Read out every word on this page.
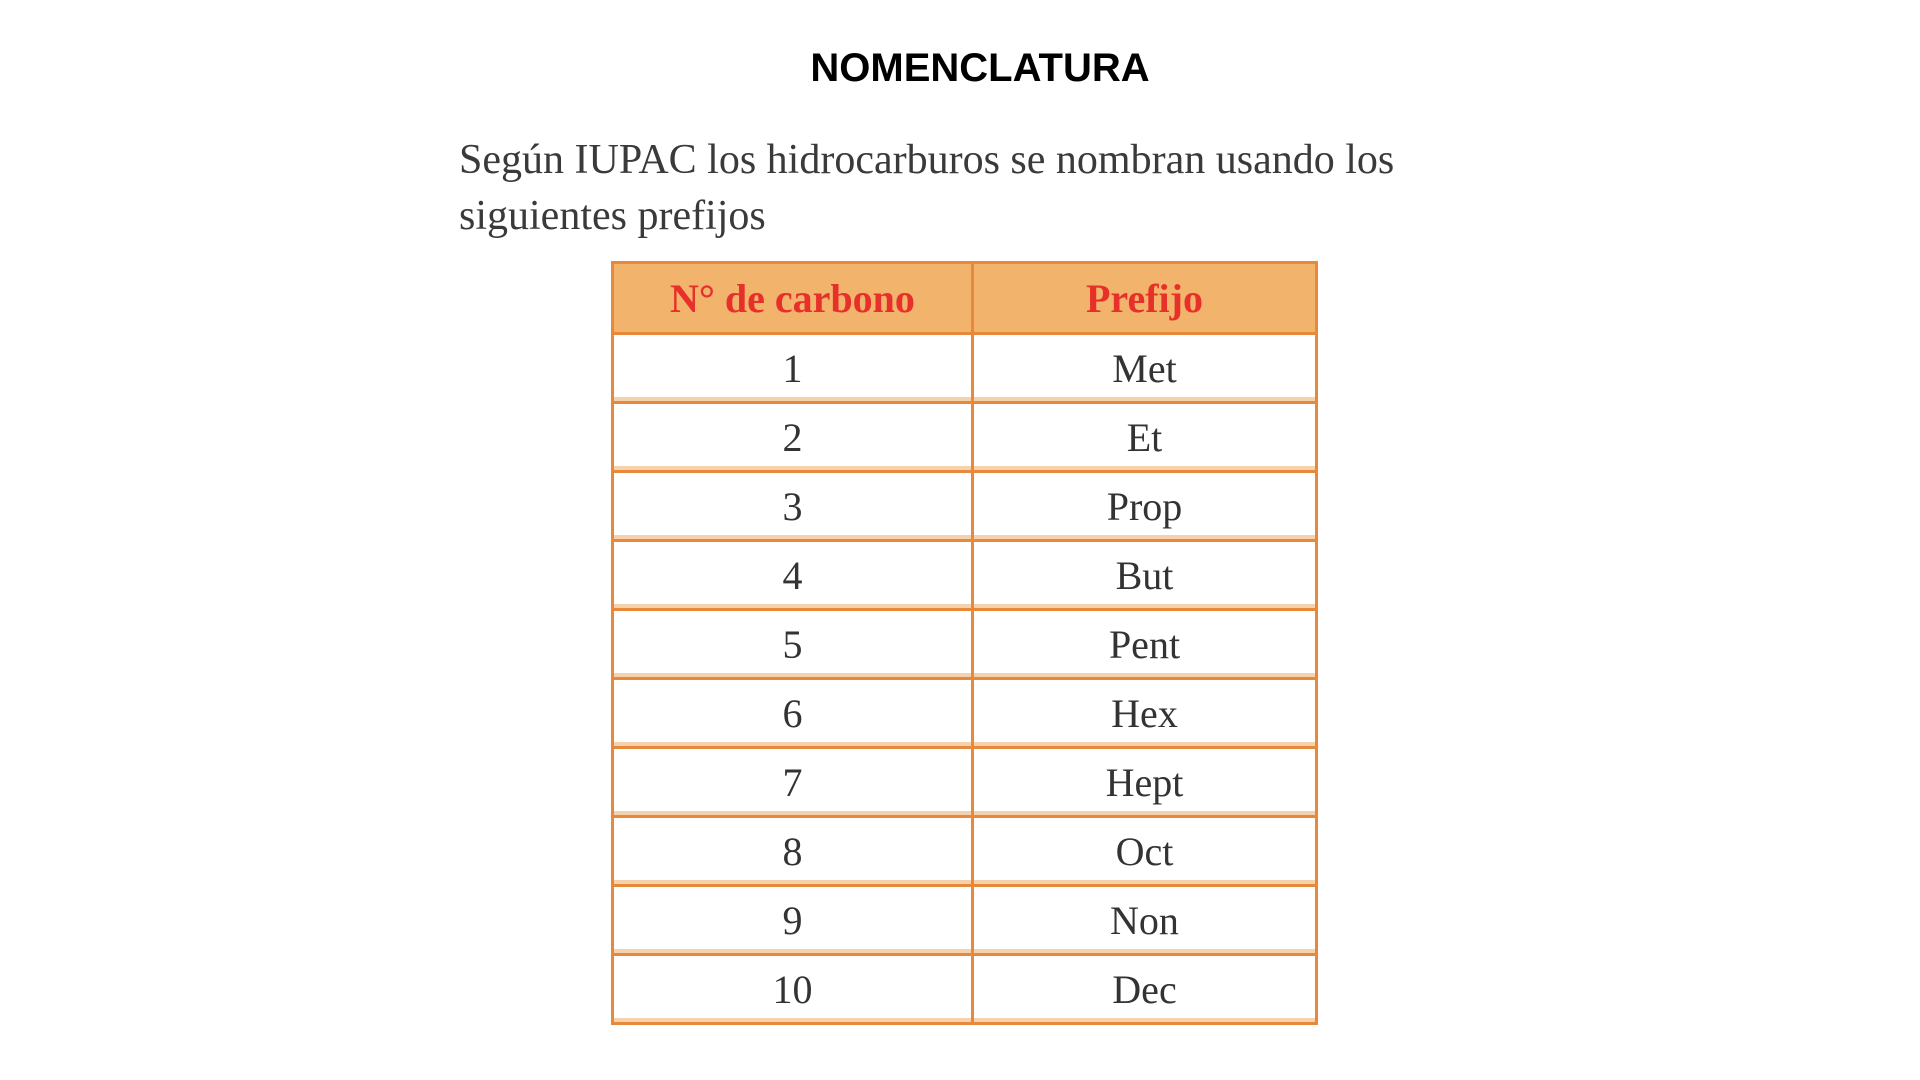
NOMENCLATURA
Según IUPAC los hidrocarburos se nombran usando los siguientes prefijos
N° de carbono	Prefijo
1	Met
2	Et
3	Prop
4	But
5	Pent
6	Hex
7	Hept
8	Oct
9	Non
10	Dec
